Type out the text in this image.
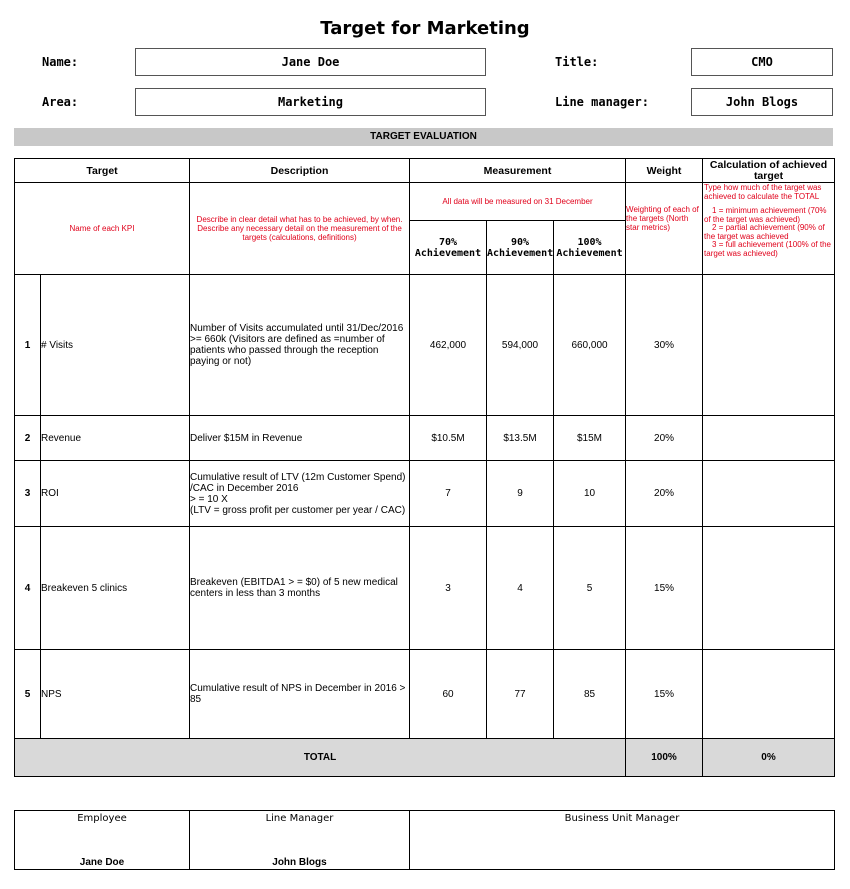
Target for Marketing
Name:	Jane Doe	Title:	CMO
Area:	Marketing	Line manager:	John Blogs
TARGET EVALUATION
Target		Description	Measurement			Weight	Calculation of achieved target
Name of each KPI		Describe in clear detail what has to be achieved, by when. Describe any necessary detail on the measurement of the targets (calculations, definitions)	All data will be measured on 31 December			Weighting of each of the targets (North star metrics)	Type how much of the target was achieved to calculate the TOTAL
1 = minimum achievement (70% of the target was achieved)
2 = partial achievement (90% of the target was achieved
3 = full achievement (100% of the target was achieved)

			70% Achievement	90% Achievement	100% Achievement		
1	# Visits	Number of Visits accumulated until 31/Dec/2016 >= 660k (Visitors are defined as =number of patients who passed through the reception paying or not)	462,000	594,000	660,000	30%	
2	Revenue	Deliver $15M in Revenue	$10.5M	$13.5M	$15M	20%	
3	ROI	Cumulative result of LTV (12m Customer Spend) /CAC in December 2016
> = 10 X
(LTV = gross profit per customer per year / CAC)	7	9	10	20%	
4	Breakeven 5 clinics	Breakeven (EBITDA1 > = $0) of 5 new medical centers in less than 3 months	3	4	5	15%	
5	NPS	Cumulative result of NPS in December in 2016 > 85	60	77	85	15%	
TOTAL						100%	0%
Employee
Jane Doe

Line Manager
John Blogs

Business Unit Manager
